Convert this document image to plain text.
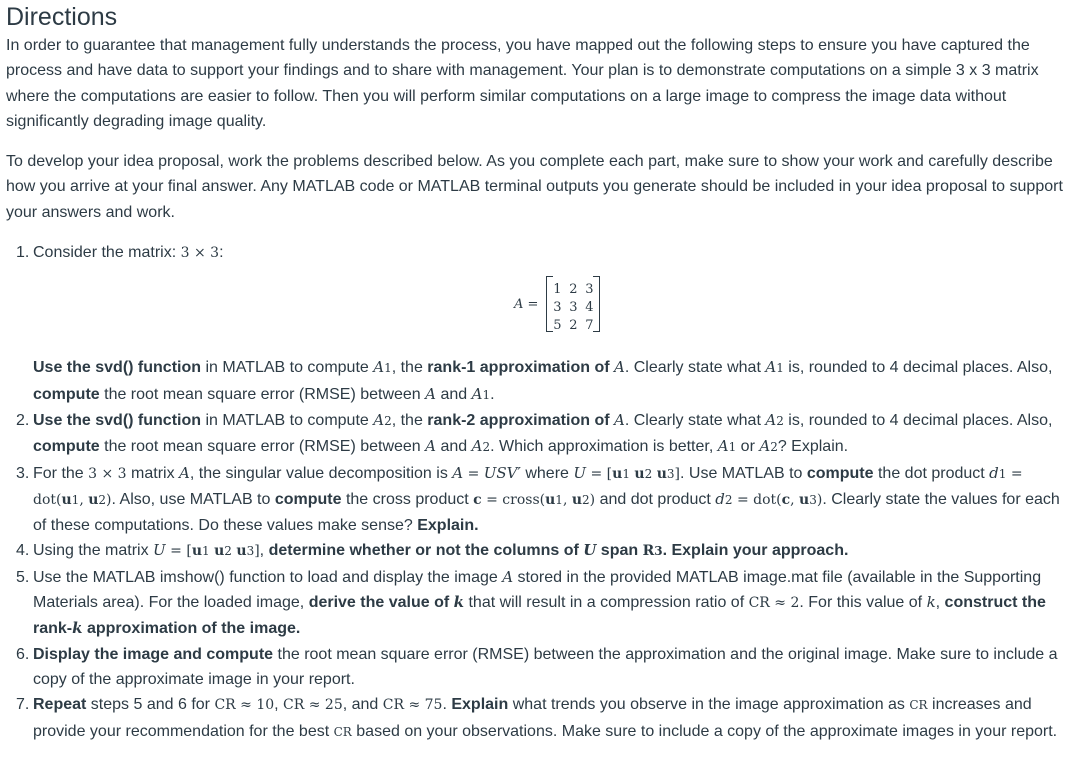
Directions

In order to guarantee that management fully understands the process, you have mapped out the following steps to ensure you have captured the process and have data to support your findings and to share with management. Your plan is to demonstrate computations on a simple 3 x 3 matrix where the computations are easier to follow. Then you will perform similar computations on a large image to compress the image data without significantly degrading image quality.

To develop your idea proposal, work the problems described below. As you complete each part, make sure to show your work and carefully describe how you arrive at your final answer. Any MATLAB code or MATLAB terminal outputs you generate should be included in your idea proposal to support your answers and work.

1. Consider the matrix: 3 × 3:
A =
1 2 3
3 3 4
5 2 7
Use the svd() function in MATLAB to compute A1, the rank-1 approximation of A. Clearly state what A1 is, rounded to 4 decimal places. Also, compute the root mean square error (RMSE) between A and A1.
2. Use the svd() function in MATLAB to compute A2, the rank-2 approximation of A. Clearly state what A2 is, rounded to 4 decimal places. Also, compute the root mean square error (RMSE) between A and A2. Which approximation is better, A1 or A2? Explain.
3. For the 3 × 3 matrix A, the singular value decomposition is A = USV′ where U = [u1 u2 u3]. Use MATLAB to compute the dot product d1 = dot(u1, u2). Also, use MATLAB to compute the cross product c = cross(u1, u2) and dot product d2 = dot(c, u3). Clearly state the values for each of these computations. Do these values make sense? Explain.
4. Using the matrix U = [u1 u2 u3], determine whether or not the columns of U span R3. Explain your approach.
5. Use the MATLAB imshow() function to load and display the image A stored in the provided MATLAB image.mat file (available in the Supporting Materials area). For the loaded image, derive the value of k that will result in a compression ratio of CR ≈ 2. For this value of k, construct the rank-k approximation of the image.
6. Display the image and compute the root mean square error (RMSE) between the approximation and the original image. Make sure to include a copy of the approximate image in your report.
7. Repeat steps 5 and 6 for CR ≈ 10, CR ≈ 25, and CR ≈ 75. Explain what trends you observe in the image approximation as CR increases and provide your recommendation for the best CR based on your observations. Make sure to include a copy of the approximate images in your report.
